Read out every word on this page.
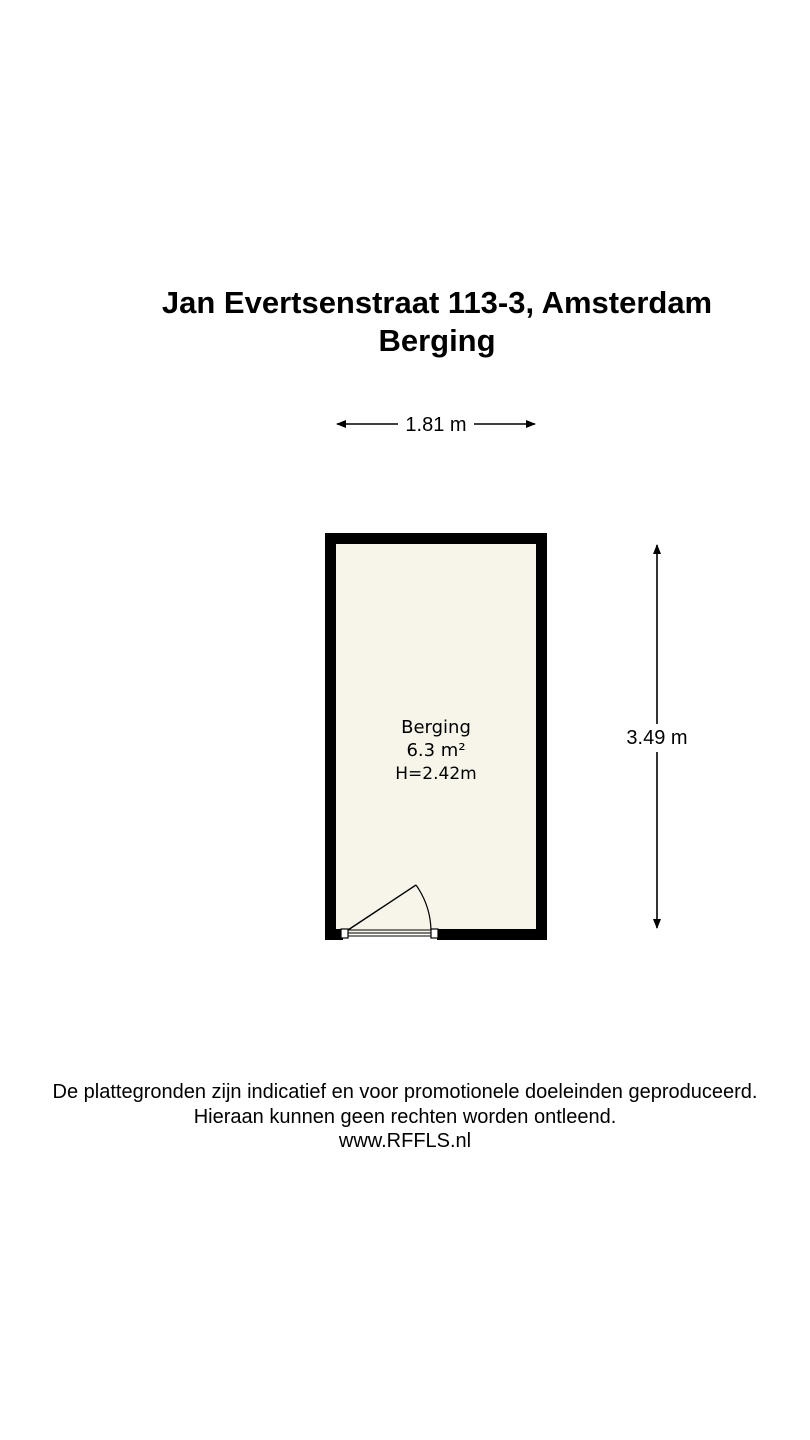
Jan Evertsenstraat 113-3, Amsterdam
Berging
1.81 m
3.49 m
Berging
6.3 m²
H=2.42m
De plattegronden zijn indicatief en voor promotionele doeleinden geproduceerd.
Hieraan kunnen geen rechten worden ontleend.
www.RFFLS.nl
